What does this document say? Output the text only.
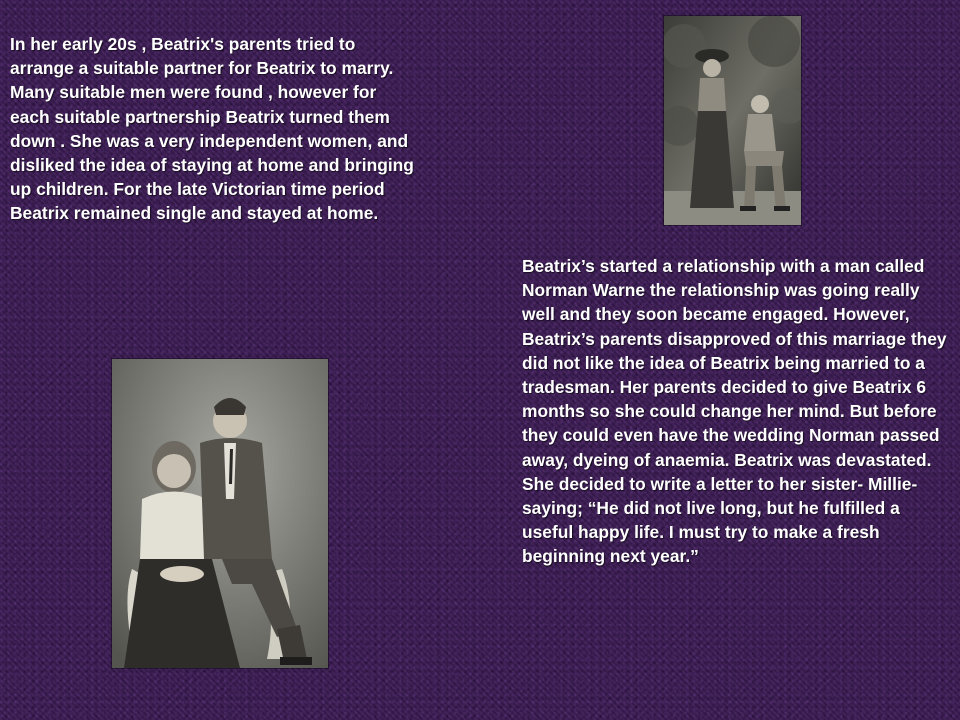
In her early 20s , Beatrix's parents tried to arrange a suitable partner for Beatrix to marry. Many suitable men were found , however for each suitable partnership Beatrix turned them down . She was a very independent women, and disliked the idea of staying at home and bringing up children. For the late Victorian time period Beatrix remained single and stayed at home.

Beatrix’s started a relationship with a man called Norman Warne the relationship was going really well and they soon became engaged. However, Beatrix’s parents disapproved of this marriage they did not like the idea of Beatrix being married to a tradesman. Her parents decided to give Beatrix 6 months so she could change her mind. But before they could even have the wedding Norman passed away, dyeing of anaemia. Beatrix was devastated. She decided to write a letter to her sister- Millie- saying; “He did not live long, but he fulfilled a useful happy life. I must try to make a fresh beginning next year.”
